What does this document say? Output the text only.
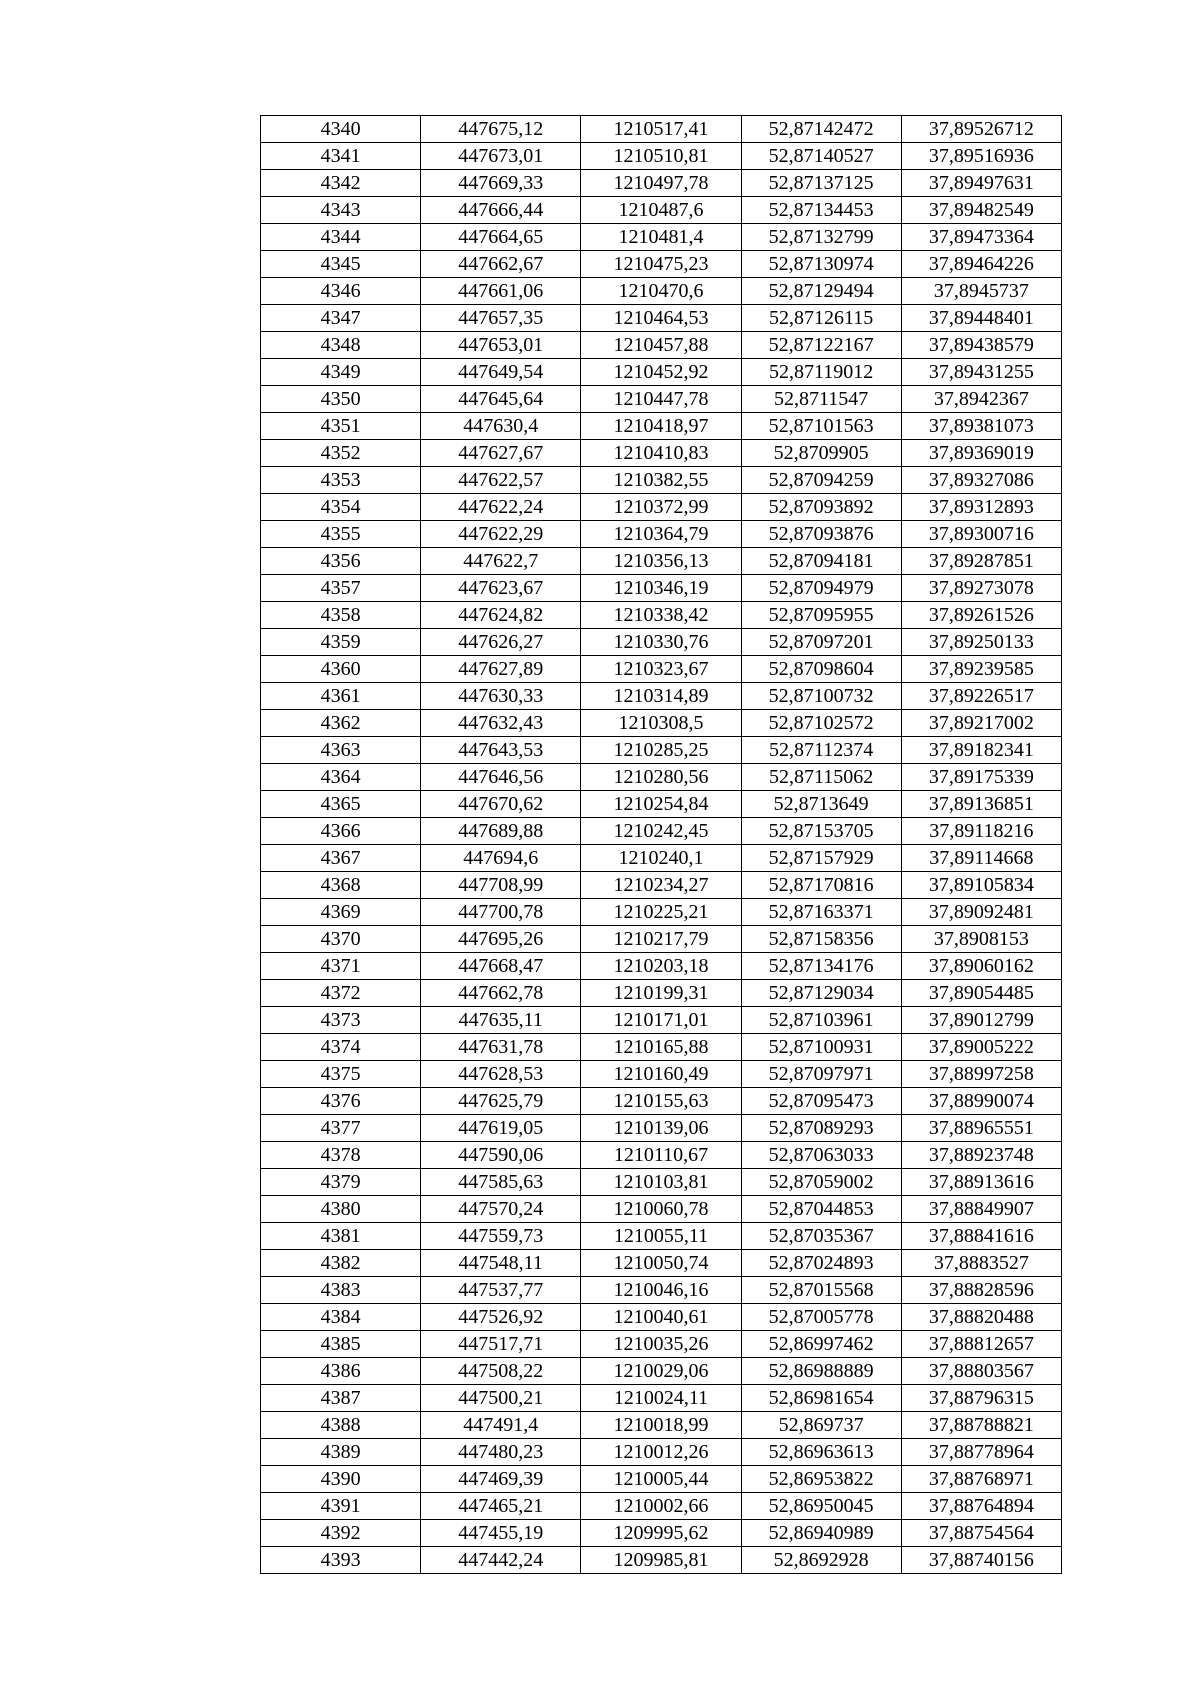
4340	447675,12	1210517,41	52,87142472	37,89526712
4341	447673,01	1210510,81	52,87140527	37,89516936
4342	447669,33	1210497,78	52,87137125	37,89497631
4343	447666,44	1210487,6	52,87134453	37,89482549
4344	447664,65	1210481,4	52,87132799	37,89473364
4345	447662,67	1210475,23	52,87130974	37,89464226
4346	447661,06	1210470,6	52,87129494	37,8945737
4347	447657,35	1210464,53	52,87126115	37,89448401
4348	447653,01	1210457,88	52,87122167	37,89438579
4349	447649,54	1210452,92	52,87119012	37,89431255
4350	447645,64	1210447,78	52,8711547	37,8942367
4351	447630,4	1210418,97	52,87101563	37,89381073
4352	447627,67	1210410,83	52,8709905	37,89369019
4353	447622,57	1210382,55	52,87094259	37,89327086
4354	447622,24	1210372,99	52,87093892	37,89312893
4355	447622,29	1210364,79	52,87093876	37,89300716
4356	447622,7	1210356,13	52,87094181	37,89287851
4357	447623,67	1210346,19	52,87094979	37,89273078
4358	447624,82	1210338,42	52,87095955	37,89261526
4359	447626,27	1210330,76	52,87097201	37,89250133
4360	447627,89	1210323,67	52,87098604	37,89239585
4361	447630,33	1210314,89	52,87100732	37,89226517
4362	447632,43	1210308,5	52,87102572	37,89217002
4363	447643,53	1210285,25	52,87112374	37,89182341
4364	447646,56	1210280,56	52,87115062	37,89175339
4365	447670,62	1210254,84	52,8713649	37,89136851
4366	447689,88	1210242,45	52,87153705	37,89118216
4367	447694,6	1210240,1	52,87157929	37,89114668
4368	447708,99	1210234,27	52,87170816	37,89105834
4369	447700,78	1210225,21	52,87163371	37,89092481
4370	447695,26	1210217,79	52,87158356	37,8908153
4371	447668,47	1210203,18	52,87134176	37,89060162
4372	447662,78	1210199,31	52,87129034	37,89054485
4373	447635,11	1210171,01	52,87103961	37,89012799
4374	447631,78	1210165,88	52,87100931	37,89005222
4375	447628,53	1210160,49	52,87097971	37,88997258
4376	447625,79	1210155,63	52,87095473	37,88990074
4377	447619,05	1210139,06	52,87089293	37,88965551
4378	447590,06	1210110,67	52,87063033	37,88923748
4379	447585,63	1210103,81	52,87059002	37,88913616
4380	447570,24	1210060,78	52,87044853	37,88849907
4381	447559,73	1210055,11	52,87035367	37,88841616
4382	447548,11	1210050,74	52,87024893	37,8883527
4383	447537,77	1210046,16	52,87015568	37,88828596
4384	447526,92	1210040,61	52,87005778	37,88820488
4385	447517,71	1210035,26	52,86997462	37,88812657
4386	447508,22	1210029,06	52,86988889	37,88803567
4387	447500,21	1210024,11	52,86981654	37,88796315
4388	447491,4	1210018,99	52,869737	37,88788821
4389	447480,23	1210012,26	52,86963613	37,88778964
4390	447469,39	1210005,44	52,86953822	37,88768971
4391	447465,21	1210002,66	52,86950045	37,88764894
4392	447455,19	1209995,62	52,86940989	37,88754564
4393	447442,24	1209985,81	52,8692928	37,88740156
